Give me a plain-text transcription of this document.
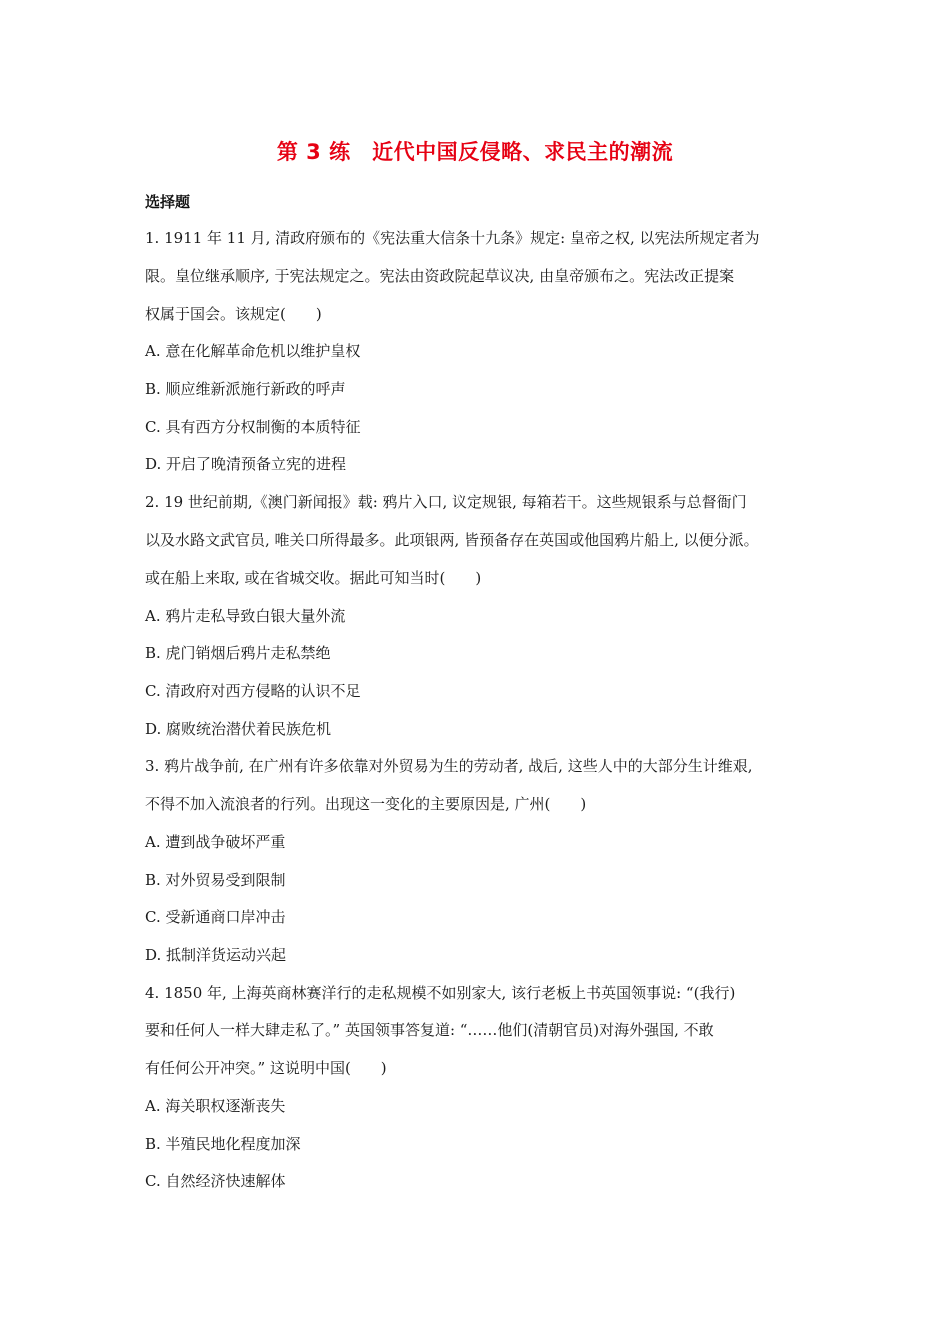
第 3 练　近代中国反侵略、求民主的潮流
选择题
1. 1911 年 11 月, 清政府颁布的《宪法重大信条十九条》规定: 皇帝之权, 以宪法所规定者为
限。皇位继承顺序, 于宪法规定之。宪法由资政院起草议决, 由皇帝颁布之。宪法改正提案
权属于国会。该规定(　　)
A. 意在化解革命危机以维护皇权
B. 顺应维新派施行新政的呼声
C. 具有西方分权制衡的本质特征
D. 开启了晚清预备立宪的进程
2. 19 世纪前期,《澳门新闻报》载: 鸦片入口, 议定规银, 每箱若干。这些规银系与总督衙门
以及水路文武官员, 唯关口所得最多。此项银两, 皆预备存在英国或他国鸦片船上, 以便分派。
或在船上来取, 或在省城交收。据此可知当时(　　)
A. 鸦片走私导致白银大量外流
B. 虎门销烟后鸦片走私禁绝
C. 清政府对西方侵略的认识不足
D. 腐败统治潜伏着民族危机
3. 鸦片战争前, 在广州有许多依靠对外贸易为生的劳动者, 战后, 这些人中的大部分生计维艰,
不得不加入流浪者的行列。出现这一变化的主要原因是, 广州(　　)
A. 遭到战争破坏严重
B. 对外贸易受到限制
C. 受新通商口岸冲击
D. 抵制洋货运动兴起
4. 1850 年, 上海英商林赛洋行的走私规模不如别家大, 该行老板上书英国领事说: “(我行)
要和任何人一样大肆走私了。” 英国领事答复道: “……他们(清朝官员)对海外强国, 不敢
有任何公开冲突。” 这说明中国(　　)
A. 海关职权逐渐丧失
B. 半殖民地化程度加深
C. 自然经济快速解体
